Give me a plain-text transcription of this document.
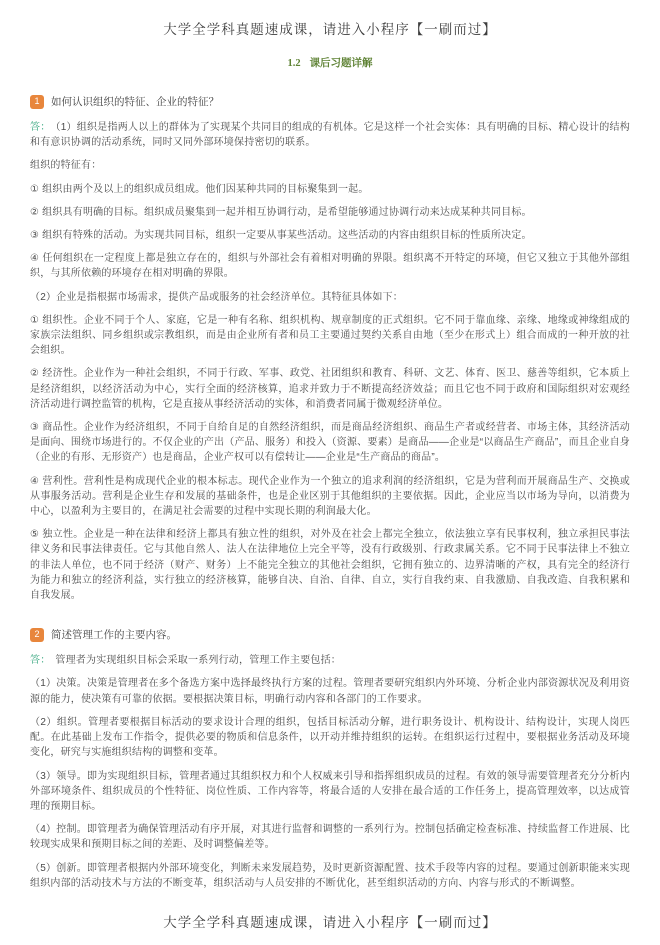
大学全学科真题速成课，请进入小程序【一刷而过】
1.2 课后习题详解
1	如何认识组织的特征、企业的特征？

答： （1）组织是指两人以上的群体为了实现某个共同目的组成的有机体。它是这样一个社会实体：具有明确的目标、精心设计的结构和有意识协调的活动系统，同时又同外部环境保持密切的联系。

组织的特征有：

① 组织由两个及以上的组织成员组成。他们因某种共同的目标聚集到一起。

② 组织具有明确的目标。组织成员聚集到一起并相互协调行动，是希望能够通过协调行动来达成某种共同目标。

③ 组织有特殊的活动。为实现共同目标，组织一定要从事某些活动。这些活动的内容由组织目标的性质所决定。

④ 任何组织在一定程度上都是独立存在的，组织与外部社会有着相对明确的界限。组织离不开特定的环境，但它又独立于其他外部组织，与其所依赖的环境存在相对明确的界限。

（2）企业是指根据市场需求，提供产品或服务的社会经济单位。其特征具体如下：

① 组织性。企业不同于个人、家庭，它是一种有名称、组织机构、规章制度的正式组织。它不同于靠血缘、亲缘、地缘或神缘组成的家族宗法组织、同乡组织或宗教组织，而是由企业所有者和员工主要通过契约关系自由地（至少在形式上）组合而成的一种开放的社会组织。

② 经济性。企业作为一种社会组织，不同于行政、军事、政党、社团组织和教育、科研、文艺、体育、医卫、慈善等组织，它本质上是经济组织，以经济活动为中心，实行全面的经济核算，追求并致力于不断提高经济效益；而且它也不同于政府和国际组织对宏观经济活动进行调控监管的机构，它是直接从事经济活动的实体，和消费者同属于微观经济单位。

③ 商品性。企业作为经济组织，不同于自给自足的自然经济组织，而是商品经济组织、商品生产者或经营者、市场主体，其经济活动是面向、围绕市场进行的。不仅企业的产出（产品、服务）和投入（资源、要素）是商品——企业是“以商品生产商品”，而且企业自身（企业的有形、无形资产）也是商品，企业产权可以有偿转让——企业是“生产商品的商品”。

④ 营利性。营利性是构成现代企业的根本标志。现代企业作为一个独立的追求利润的经济组织，它是为营利而开展商品生产、交换或从事服务活动。营利是企业生存和发展的基础条件，也是企业区别于其他组织的主要依据。因此，企业应当以市场为导向，以消费为中心，以盈利为主要目的，在满足社会需要的过程中实现长期的利润最大化。

⑤ 独立性。企业是一种在法律和经济上都具有独立性的组织，对外及在社会上都完全独立，依法独立享有民事权利，独立承担民事法律义务和民事法律责任。它与其他自然人、法人在法律地位上完全平等，没有行政级别、行政隶属关系。它不同于民事法律上不独立的非法人单位，也不同于经济（财产、财务）上不能完全独立的其他社会组织，它拥有独立的、边界清晰的产权，具有完全的经济行为能力和独立的经济利益，实行独立的经济核算，能够自决、自治、自律、自立，实行自我约束、自我激励、自我改造、自我积累和自我发展。

2	简述管理工作的主要内容。

答： 管理者为实现组织目标会采取一系列行动，管理工作主要包括：

（1）决策。决策是管理者在多个备选方案中选择最终执行方案的过程。管理者要研究组织内外环境、分析企业内部资源状况及利用资源的能力，使决策有可靠的依据。要根据决策目标，明确行动内容和各部门的工作要求。

（2）组织。管理者要根据目标活动的要求设计合理的组织，包括目标活动分解，进行职务设计、机构设计、结构设计，实现人岗匹配。在此基础上发布工作指令，提供必要的物质和信息条件，以开动并维持组织的运转。在组织运行过程中，要根据业务活动及环境变化，研究与实施组织结构的调整和变革。

（3）领导。即为实现组织目标，管理者通过其组织权力和个人权威来引导和指挥组织成员的过程。有效的领导需要管理者充分分析内外部环境条件、组织成员的个性特征、岗位性质、工作内容等，将最合适的人安排在最合适的工作任务上，提高管理效率，以达成管理的预期目标。

（4）控制。即管理者为确保管理活动有序开展，对其进行监督和调整的一系列行为。控制包括确定检查标准、持续监督工作进展、比较现实成果和预期目标之间的差距、及时调整偏差等。

（5）创新。即管理者根据内外部环境变化，判断未来发展趋势，及时更新资源配置、技术手段等内容的过程。要通过创新职能来实现组织内部的活动技术与方法的不断变革，组织活动与人员安排的不断优化，甚至组织活动的方向、内容与形式的不断调整。

大学全学科真题速成课，请进入小程序【一刷而过】
